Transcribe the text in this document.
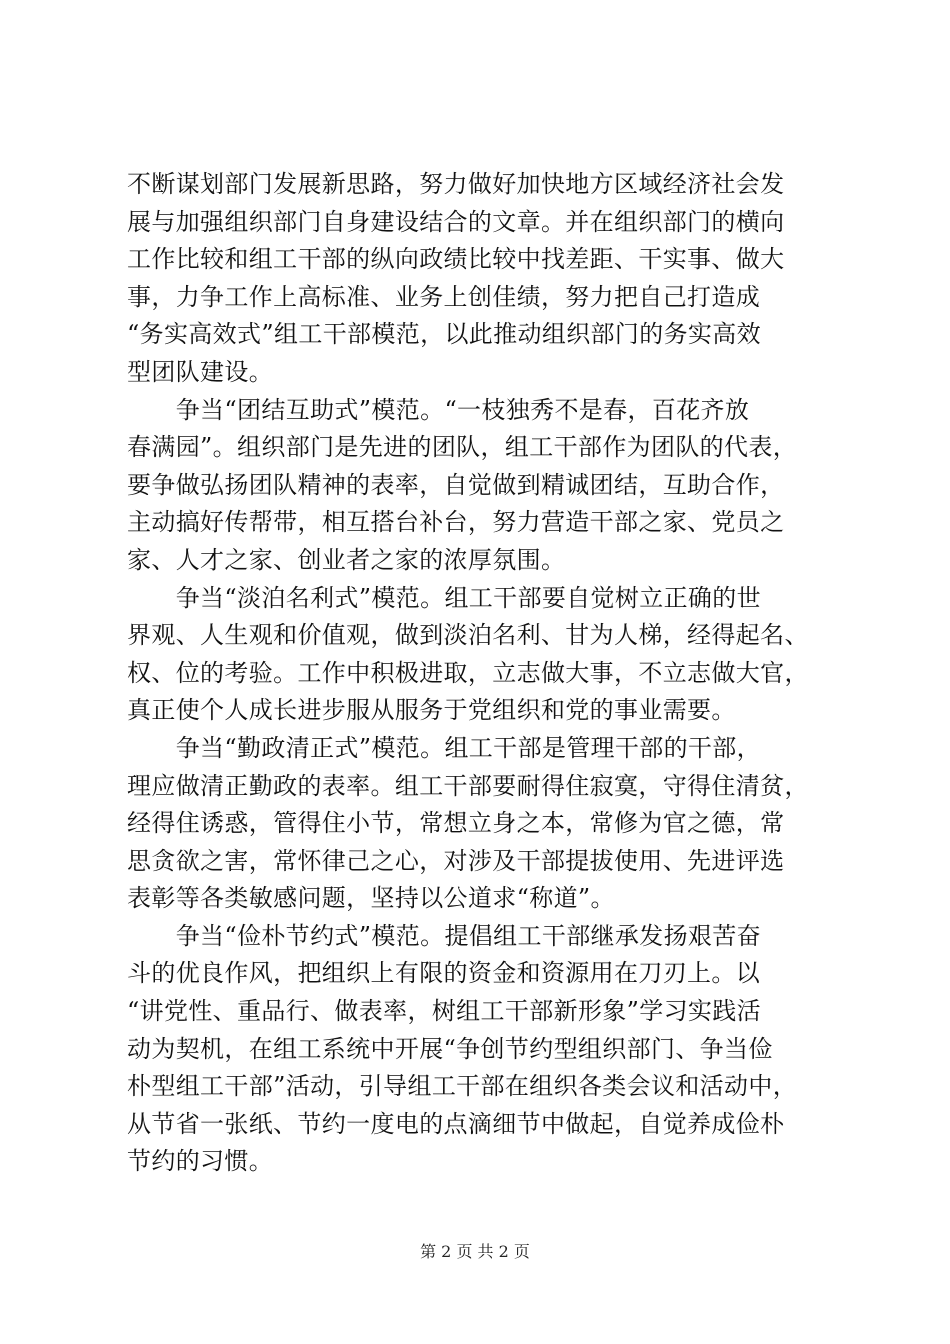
不断谋划部门发展新思路，努力做好加快地方区域经济社会发
展与加强组织部门自身建设结合的文章。并在组织部门的横向
工作比较和组工干部的纵向政绩比较中找差距、干实事、做大
事，力争工作上高标准、业务上创佳绩，努力把自己打造成
“务实高效式”组工干部模范，以此推动组织部门的务实高效
型团队建设。
　　争当“团结互助式”模范。“一枝独秀不是春，百花齐放
春满园”。组织部门是先进的团队，组工干部作为团队的代表，
要争做弘扬团队精神的表率，自觉做到精诚团结，互助合作，
主动搞好传帮带，相互搭台补台，努力营造干部之家、党员之
家、人才之家、创业者之家的浓厚氛围。
　　争当“淡泊名利式”模范。组工干部要自觉树立正确的世
界观、人生观和价值观，做到淡泊名利、甘为人梯，经得起名、
权、位的考验。工作中积极进取，立志做大事，不立志做大官，
真正使个人成长进步服从服务于党组织和党的事业需要。
　　争当“勤政清正式”模范。组工干部是管理干部的干部，
理应做清正勤政的表率。组工干部要耐得住寂寞，守得住清贫，
经得住诱惑，管得住小节，常想立身之本，常修为官之德，常
思贪欲之害，常怀律己之心，对涉及干部提拔使用、先进评选
表彰等各类敏感问题，坚持以公道求“称道”。
　　争当“俭朴节约式”模范。提倡组工干部继承发扬艰苦奋
斗的优良作风，把组织上有限的资金和资源用在刀刃上。以
“讲党性、重品行、做表率，树组工干部新形象”学习实践活
动为契机，在组工系统中开展“争创节约型组织部门、争当俭
朴型组工干部”活动，引导组工干部在组织各类会议和活动中，
从节省一张纸、节约一度电的点滴细节中做起，自觉养成俭朴
节约的习惯。
第 2 页 共 2 页
